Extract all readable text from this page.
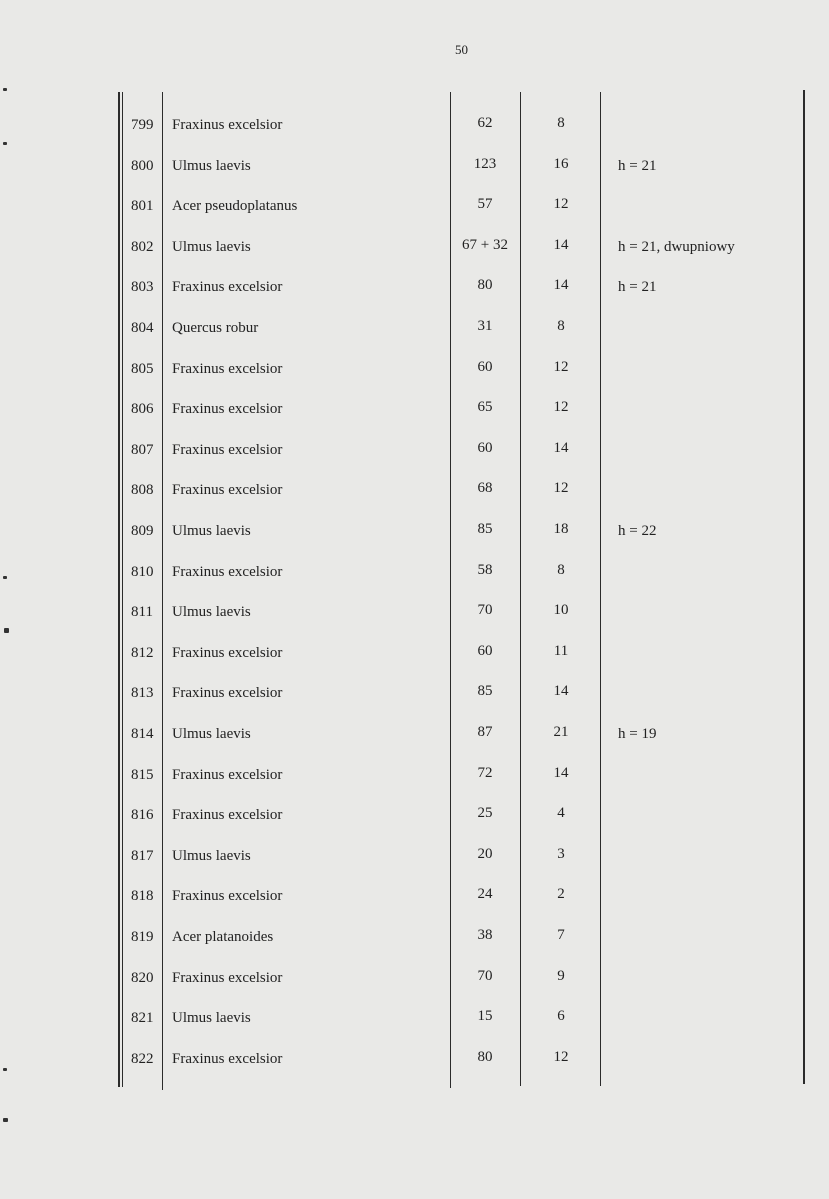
50
799 Fraxinus excelsior	62	8
800 Ulmus laevis	123	16	h = 21
801 Acer pseudoplatanus	57	12
802 Ulmus laevis	67 + 32	14	h = 21, dwupniowy
803 Fraxinus excelsior	80	14	h = 21
804 Quercus robur	31	8
805 Fraxinus excelsior	60	12
806 Fraxinus excelsior	65	12
807 Fraxinus excelsior	60	14
808 Fraxinus excelsior	68	12
809 Ulmus laevis	85	18	h = 22
810 Fraxinus excelsior	58	8
811 Ulmus laevis	70	10
812 Fraxinus excelsior	60	11
813 Fraxinus excelsior	85	14
814 Ulmus laevis	87	21	h = 19
815 Fraxinus excelsior	72	14
816 Fraxinus excelsior	25	4
817 Ulmus laevis	20	3
818 Fraxinus excelsior	24	2
819 Acer platanoides	38	7
820 Fraxinus excelsior	70	9
821 Ulmus laevis	15	6
822 Fraxinus excelsior	80	12
